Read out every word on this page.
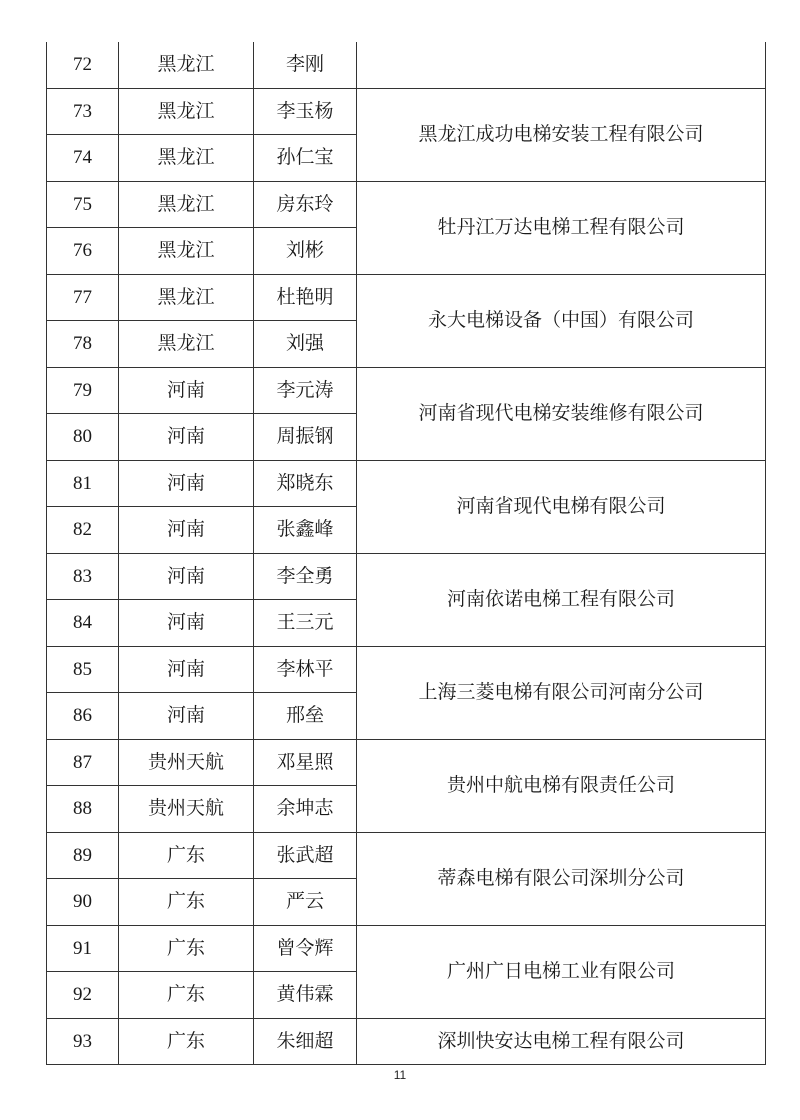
72	黑龙江	李刚	
73	黑龙江	李玉杨	黑龙江成功电梯安装工程有限公司
74	黑龙江	孙仁宝	
75	黑龙江	房东玲	牡丹江万达电梯工程有限公司
76	黑龙江	刘彬	
77	黑龙江	杜艳明	永大电梯设备（中国）有限公司
78	黑龙江	刘强	
79	河南	李元涛	河南省现代电梯安装维修有限公司
80	河南	周振钢	
81	河南	郑晓东	河南省现代电梯有限公司
82	河南	张鑫峰	
83	河南	李全勇	河南依诺电梯工程有限公司
84	河南	王三元	
85	河南	李林平	上海三菱电梯有限公司河南分公司
86	河南	邢垒	
87	贵州天航	邓星照	贵州中航电梯有限责任公司
88	贵州天航	余坤志	
89	广东	张武超	蒂森电梯有限公司深圳分公司
90	广东	严云	
91	广东	曾令辉	广州广日电梯工业有限公司
92	广东	黄伟霖	
93	广东	朱细超	深圳快安达电梯工程有限公司
11
